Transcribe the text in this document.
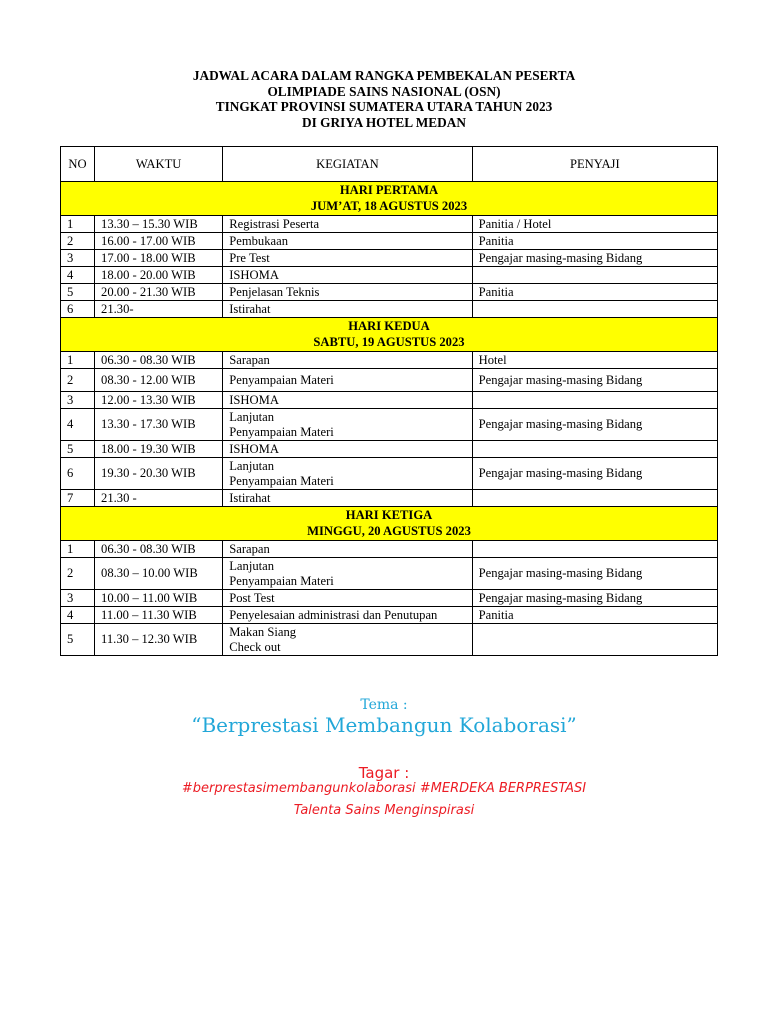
JADWAL ACARA DALAM RANGKA PEMBEKALAN PESERTA
OLIMPIADE SAINS NASIONAL (OSN)
TINGKAT PROVINSI SUMATERA UTARA TAHUN 2023
DI GRIYA HOTEL MEDAN
NO	WAKTU	KEGIATAN	PENYAJI

HARI PERTAMA
JUM’AT, 18 AGUSTUS 2023			

1	13.30 – 15.30 WIB	Registrasi Peserta	Panitia / Hotel
2	16.00 - 17.00 WIB	Pembukaan	Panitia
3	17.00 - 18.00 WIB	Pre Test	Pengajar masing-masing Bidang
4	18.00 - 20.00 WIB	ISHOMA	

5	20.00 - 21.30 WIB	Penjelasan Teknis	Panitia
6	21.30-	Istirahat	

HARI KEDUA
SABTU, 19 AGUSTUS 2023			

1	06.30 - 08.30 WIB	Sarapan	Hotel
2	08.30 - 12.00 WIB	Penyampaian Materi	Pengajar masing-masing Bidang
3	12.00 - 13.30 WIB	ISHOMA	

4	13.30 - 17.30 WIB	Lanjutan
Penyampaian Materi	Pengajar masing-masing Bidang
5	18.00 - 19.30 WIB	ISHOMA	

6	19.30 - 20.30 WIB	Lanjutan
Penyampaian Materi	Pengajar masing-masing Bidang
7	21.30 -	Istirahat	

HARI KETIGA
MINGGU, 20 AGUSTUS 2023			

1	06.30 - 08.30 WIB	Sarapan	

2	08.30 – 10.00 WIB	Lanjutan
Penyampaian Materi	Pengajar masing-masing Bidang
3	10.00 – 11.00 WIB	Post Test	Pengajar masing-masing Bidang
4	11.00 – 11.30 WIB	Penyelesaian administrasi dan Penutupan	Panitia
5	11.30 – 12.30 WIB	Makan Siang
Check out	

Tema :
“Berprestasi Membangun Kolaborasi”
Tagar :
#berprestasimembangunkolaborasi #MERDEKA BERPRESTASI
Talenta Sains Menginspirasi
